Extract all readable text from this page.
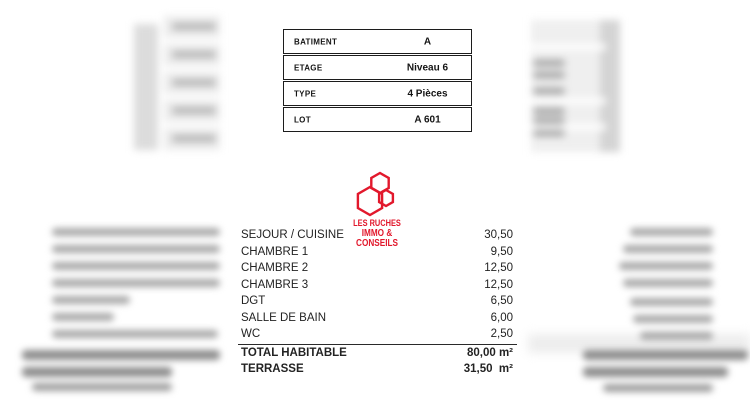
BATIMENT	A
ETAGE	Niveau 6
TYPE	4 Pièces
LOT	A 601
LES RUCHES
IMMO & CONSEILS
SEJOUR / CUISINE	30,50
CHAMBRE 1	9,50
CHAMBRE 2	12,50
CHAMBRE 3	12,50
DGT	6,50
SALLE DE BAIN	6,00
WC	2,50
TOTAL HABITABLE	80,00 m²
TERRASSE	31,50  m²
